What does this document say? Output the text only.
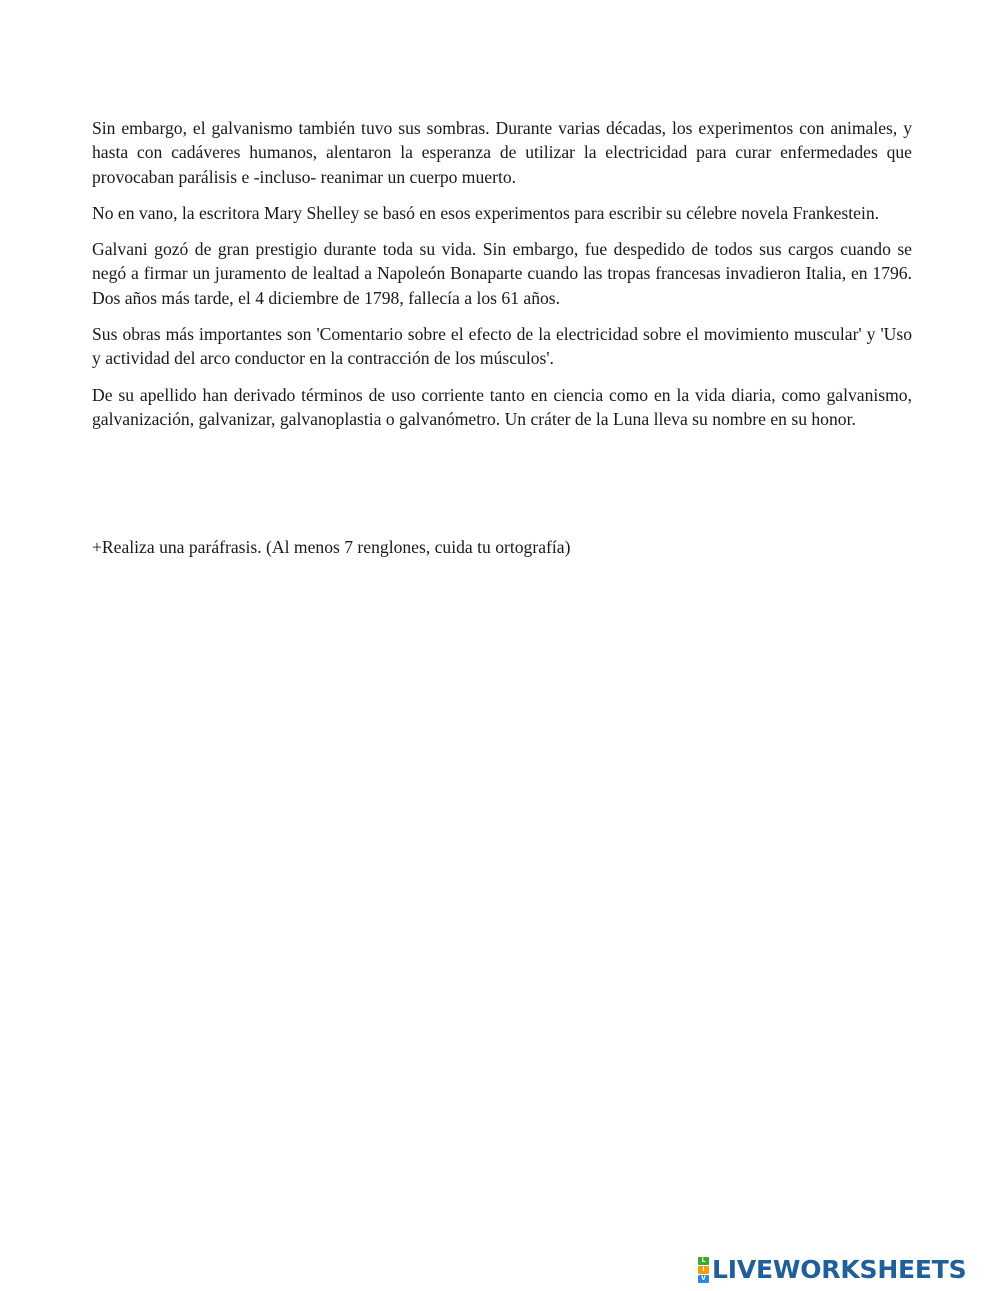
Sin embargo, el galvanismo también tuvo sus sombras. Durante varias décadas, los experimentos con animales, y hasta con cadáveres humanos, alentaron la esperanza de utilizar la electricidad para curar enfermedades que provocaban parálisis e -incluso- reanimar un cuerpo muerto.

No en vano, la escritora Mary Shelley se basó en esos experimentos para escribir su célebre novela Frankestein.

Galvani gozó de gran prestigio durante toda su vida. Sin embargo, fue despedido de todos sus cargos cuando se negó a firmar un juramento de lealtad a Napoleón Bonaparte cuando las tropas francesas invadieron Italia, en 1796. Dos años más tarde, el 4 diciembre de 1798, fallecía a los 61 años.

Sus obras más importantes son 'Comentario sobre el efecto de la electricidad sobre el movimiento muscular' y 'Uso y actividad del arco conductor en la contracción de los músculos'.

De su apellido han derivado términos de uso corriente tanto en ciencia como en la vida diaria, como galvanismo, galvanización, galvanizar, galvanoplastia o galvanómetro. Un cráter de la Luna lleva su nombre en su honor.

+Realiza una paráfrasis. (Al menos 7 renglones, cuida tu ortografía)

L
I
V LIVEWORKSHEETS
